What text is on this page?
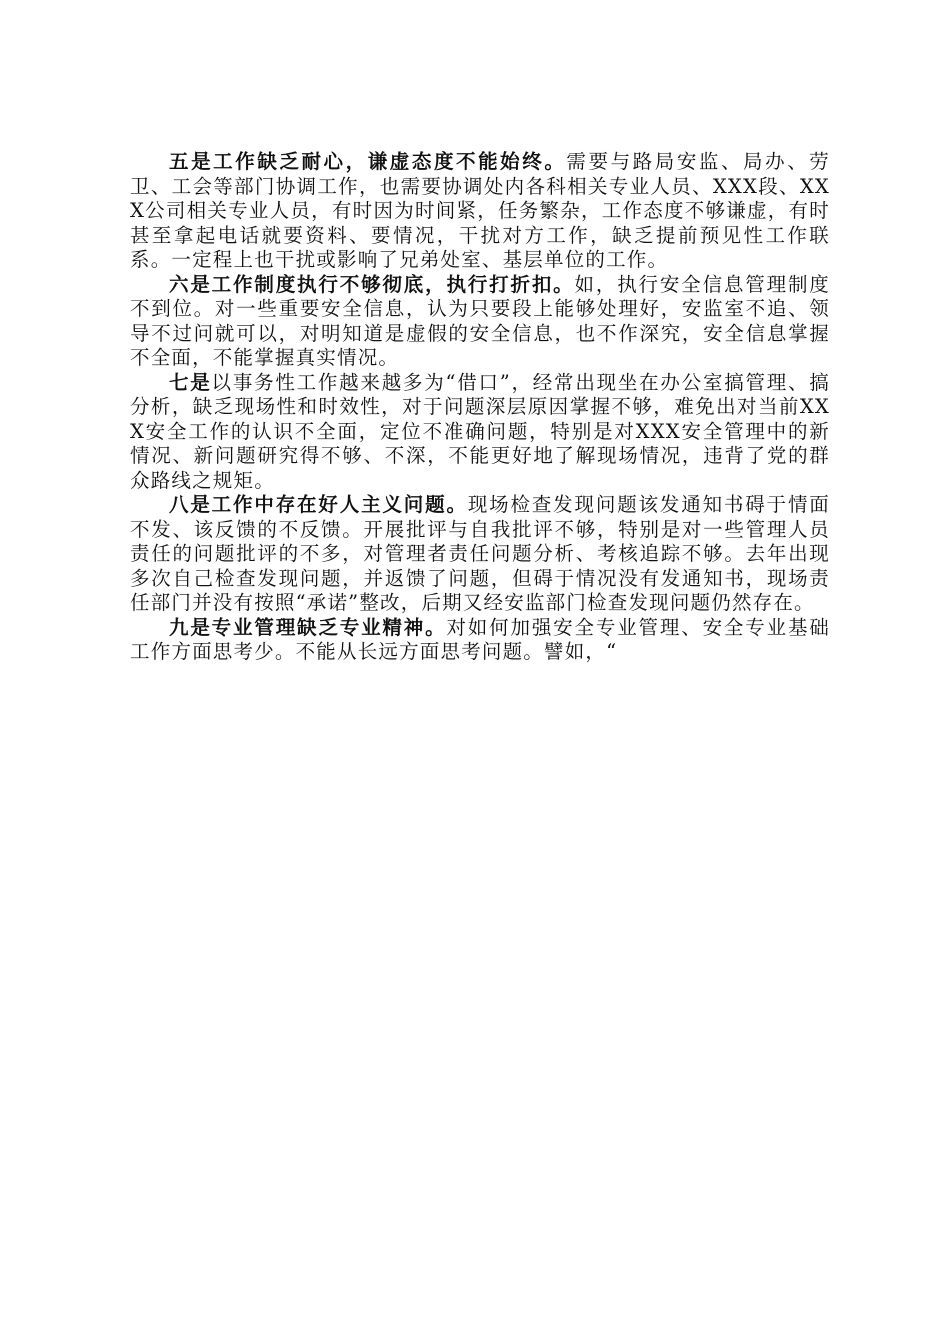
五是工作缺乏耐心，谦虚态度不能始终。需要与路局安监、局办、劳卫、工会等部门协调工作，也需要协调处内各科相关专业人员、XXX段、XXX公司相关专业人员，有时因为时间紧，任务繁杂，工作态度不够谦虚，有时甚至拿起电话就要资料、要情况，干扰对方工作，缺乏提前预见性工作联系。一定程上也干扰或影响了兄弟处室、基层单位的工作。

六是工作制度执行不够彻底，执行打折扣。如，执行安全信息管理制度不到位。对一些重要安全信息，认为只要段上能够处理好，安监室不追、领导不过问就可以，对明知道是虚假的安全信息，也不作深究，安全信息掌握不全面，不能掌握真实情况。

七是以事务性工作越来越多为“借口”，经常出现坐在办公室搞管理、搞分析，缺乏现场性和时效性，对于问题深层原因掌握不够，难免出对当前XXX安全工作的认识不全面，定位不准确问题，特别是对XXX安全管理中的新情况、新问题研究得不够、不深，不能更好地了解现场情况，违背了党的群众路线之规矩。

八是工作中存在好人主义问题。现场检查发现问题该发通知书碍于情面不发、该反馈的不反馈。开展批评与自我批评不够，特别是对一些管理人员责任的问题批评的不多，对管理者责任问题分析、考核追踪不够。去年出现多次自己检查发现问题，并返馈了问题，但碍于情况没有发通知书，现场责任部门并没有按照“承诺”整改，后期又经安监部门检查发现问题仍然存在。

九是专业管理缺乏专业精神。对如何加强安全专业管理、安全专业基础工作方面思考少。不能从长远方面思考问题。譬如，“
